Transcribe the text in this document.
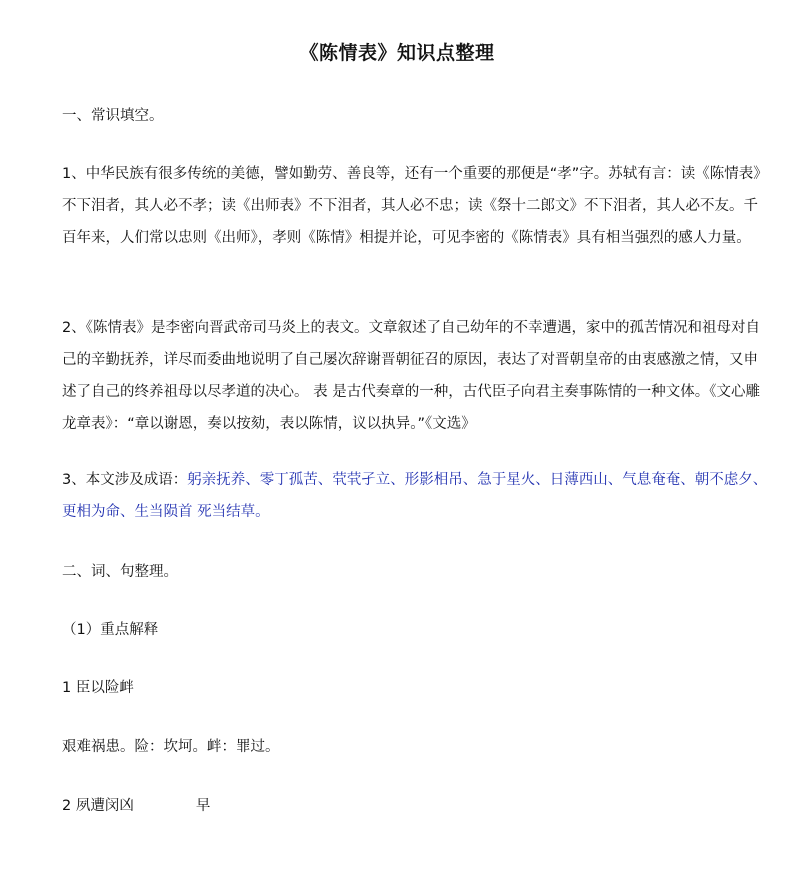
《陈情表》知识点整理
一、常识填空。
1、中华民族有很多传统的美德，譬如勤劳、善良等，还有一个重要的那便是“孝”字。苏轼有言：读《陈情表》不下泪者，其人必不孝；读《出师表》不下泪者，其人必不忠；读《祭十二郎文》不下泪者，其人必不友。千百年来，人们常以忠则《出师》，孝则《陈情》相提并论，可见李密的《陈情表》具有相当强烈的感人力量。
2、《陈情表》是李密向晋武帝司马炎上的表文。文章叙述了自己幼年的不幸遭遇，家中的孤苦情况和祖母对自己的辛勤抚养，详尽而委曲地说明了自己屡次辞谢晋朝征召的原因，表达了对晋朝皇帝的由衷感激之情，又申述了自己的终养祖母以尽孝道的决心。 表 是古代奏章的一种，古代臣子向君主奏事陈情的一种文体。《文心雕龙章表》：“章以谢恩，奏以按劾，表以陈情，议以执异。”《文选》
3、本文涉及成语：躬亲抚养、零丁孤苦、茕茕孑立、形影相吊、急于星火、日薄西山、气息奄奄、朝不虑夕、更相为命、生当陨首 死当结草。
二、词、句整理。
（1）重点解释
1 臣以险衅
艰难祸患。险：坎坷。衅：罪过。
2 夙遭闵凶	早
